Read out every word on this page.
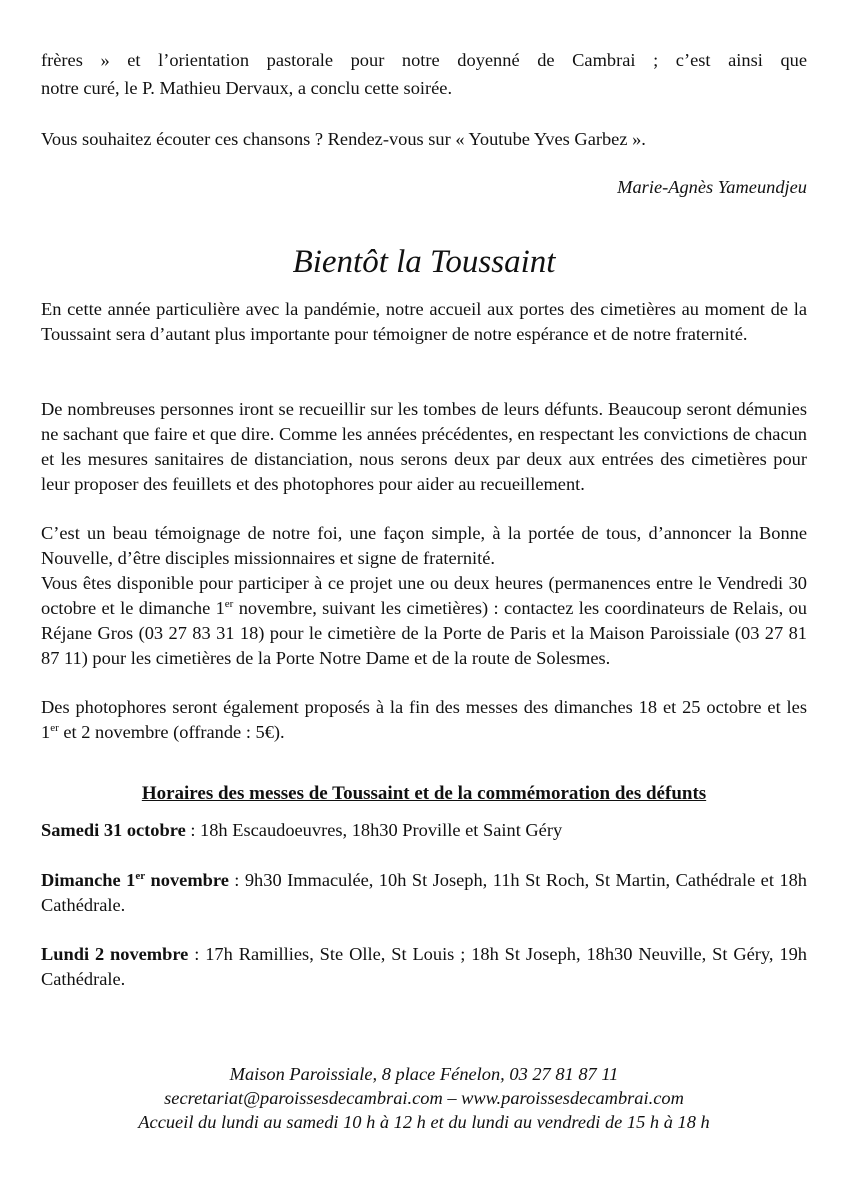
frères » et l’orientation pastorale pour notre doyenné de Cambrai ; c’est ainsi que
notre curé, le P. Mathieu Dervaux, a conclu cette soirée.
Vous souhaitez écouter ces chansons ? Rendez-vous sur « Youtube Yves Garbez ».
Marie-Agnès Yameundjeu
Bientôt la Toussaint
En cette année particulière avec la pandémie, notre accueil aux portes des cimetières au moment de la Toussaint sera d’autant plus importante pour témoigner de notre espérance et de notre fraternité.
De nombreuses personnes iront se recueillir sur les tombes de leurs défunts. Beaucoup seront démunies ne sachant que faire et que dire. Comme les années précédentes, en respectant les convictions de chacun et les mesures sanitaires de distanciation, nous serons deux par deux aux entrées des cimetières pour leur proposer des feuillets et des photophores pour aider au recueillement.
C’est un beau témoignage de notre foi, une façon simple, à la portée de tous, d’annoncer la Bonne Nouvelle, d’être disciples missionnaires et signe de fraternité.
Vous êtes disponible pour participer à ce projet une ou deux heures (permanences entre le Vendredi 30 octobre et le dimanche 1er novembre, suivant les cimetières) : contactez les coordinateurs de Relais, ou Réjane Gros (03 27 83 31 18) pour le cimetière de la Porte de Paris et la Maison Paroissiale (03 27 81 87 11) pour les cimetières de la Porte Notre Dame et de la route de Solesmes.
Des photophores seront également proposés à la fin des messes des dimanches 18 et 25 octobre et les 1er et 2 novembre (offrande : 5€).
Horaires des messes de Toussaint et de la commémoration des défunts
Samedi 31 octobre : 18h Escaudoeuvres, 18h30 Proville et Saint Géry
Dimanche 1er novembre : 9h30 Immaculée, 10h St Joseph, 11h St Roch, St Martin, Cathédrale et 18h Cathédrale.
Lundi 2 novembre : 17h Ramillies, Ste Olle, St Louis ; 18h St Joseph, 18h30 Neuville, St Géry, 19h Cathédrale.
Maison Paroissiale, 8 place Fénelon, 03 27 81 87 11
secretariat@paroissesdecambrai.com – www.paroissesdecambrai.com
Accueil du lundi au samedi 10 h à 12 h et du lundi au vendredi de 15 h à 18 h
